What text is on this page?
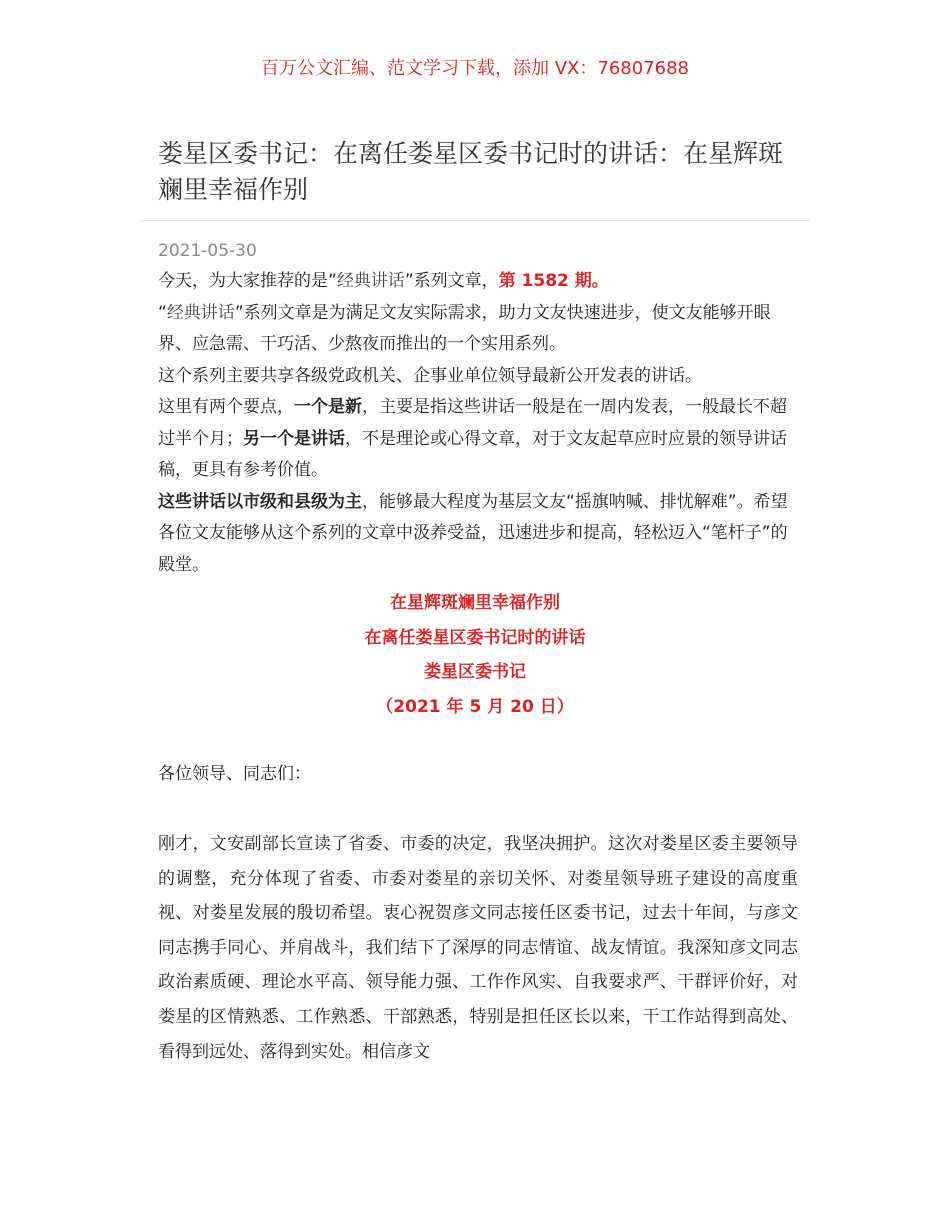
百万公文汇编、范文学习下载，添加 VX：76807688
娄星区委书记：在离任娄星区委书记时的讲话：在星辉斑斓里幸福作别
2021-05-30

今天，为大家推荐的是”经典讲话”系列文章，第 1582 期。

“经典讲话”系列文章是为满足文友实际需求，助力文友快速进步，使文友能够开眼界、应急需、干巧活、少熬夜而推出的一个实用系列。

这个系列主要共享各级党政机关、企事业单位领导最新公开发表的讲话。

这里有两个要点，一个是新，主要是指这些讲话一般是在一周内发表，一般最长不超过半个月；另一个是讲话，不是理论或心得文章，对于文友起草应时应景的领导讲话稿，更具有参考价值。

这些讲话以市级和县级为主，能够最大程度为基层文友“摇旗呐喊、排忧解难”。希望各位文友能够从这个系列的文章中汲养受益，迅速进步和提高，轻松迈入“笔杆子”的殿堂。

在星辉斑斓里幸福作别
在离任娄星区委书记时的讲话
娄星区委书记
（2021 年 5 月 20 日）
各位领导、同志们：

刚才，文安副部长宣读了省委、市委的决定，我坚决拥护。这次对娄星区委主要领导的调整，充分体现了省委、市委对娄星的亲切关怀、对娄星领导班子建设的高度重视、对娄星发展的殷切希望。衷心祝贺彦文同志接任区委书记，过去十年间，与彦文同志携手同心、并肩战斗，我们结下了深厚的同志情谊、战友情谊。我深知彦文同志政治素质硬、理论水平高、领导能力强、工作作风实、自我要求严、干群评价好，对娄星的区情熟悉、工作熟悉、干部熟悉，特别是担任区长以来，干工作站得到高处、看得到远处、落得到实处。相信彦文
